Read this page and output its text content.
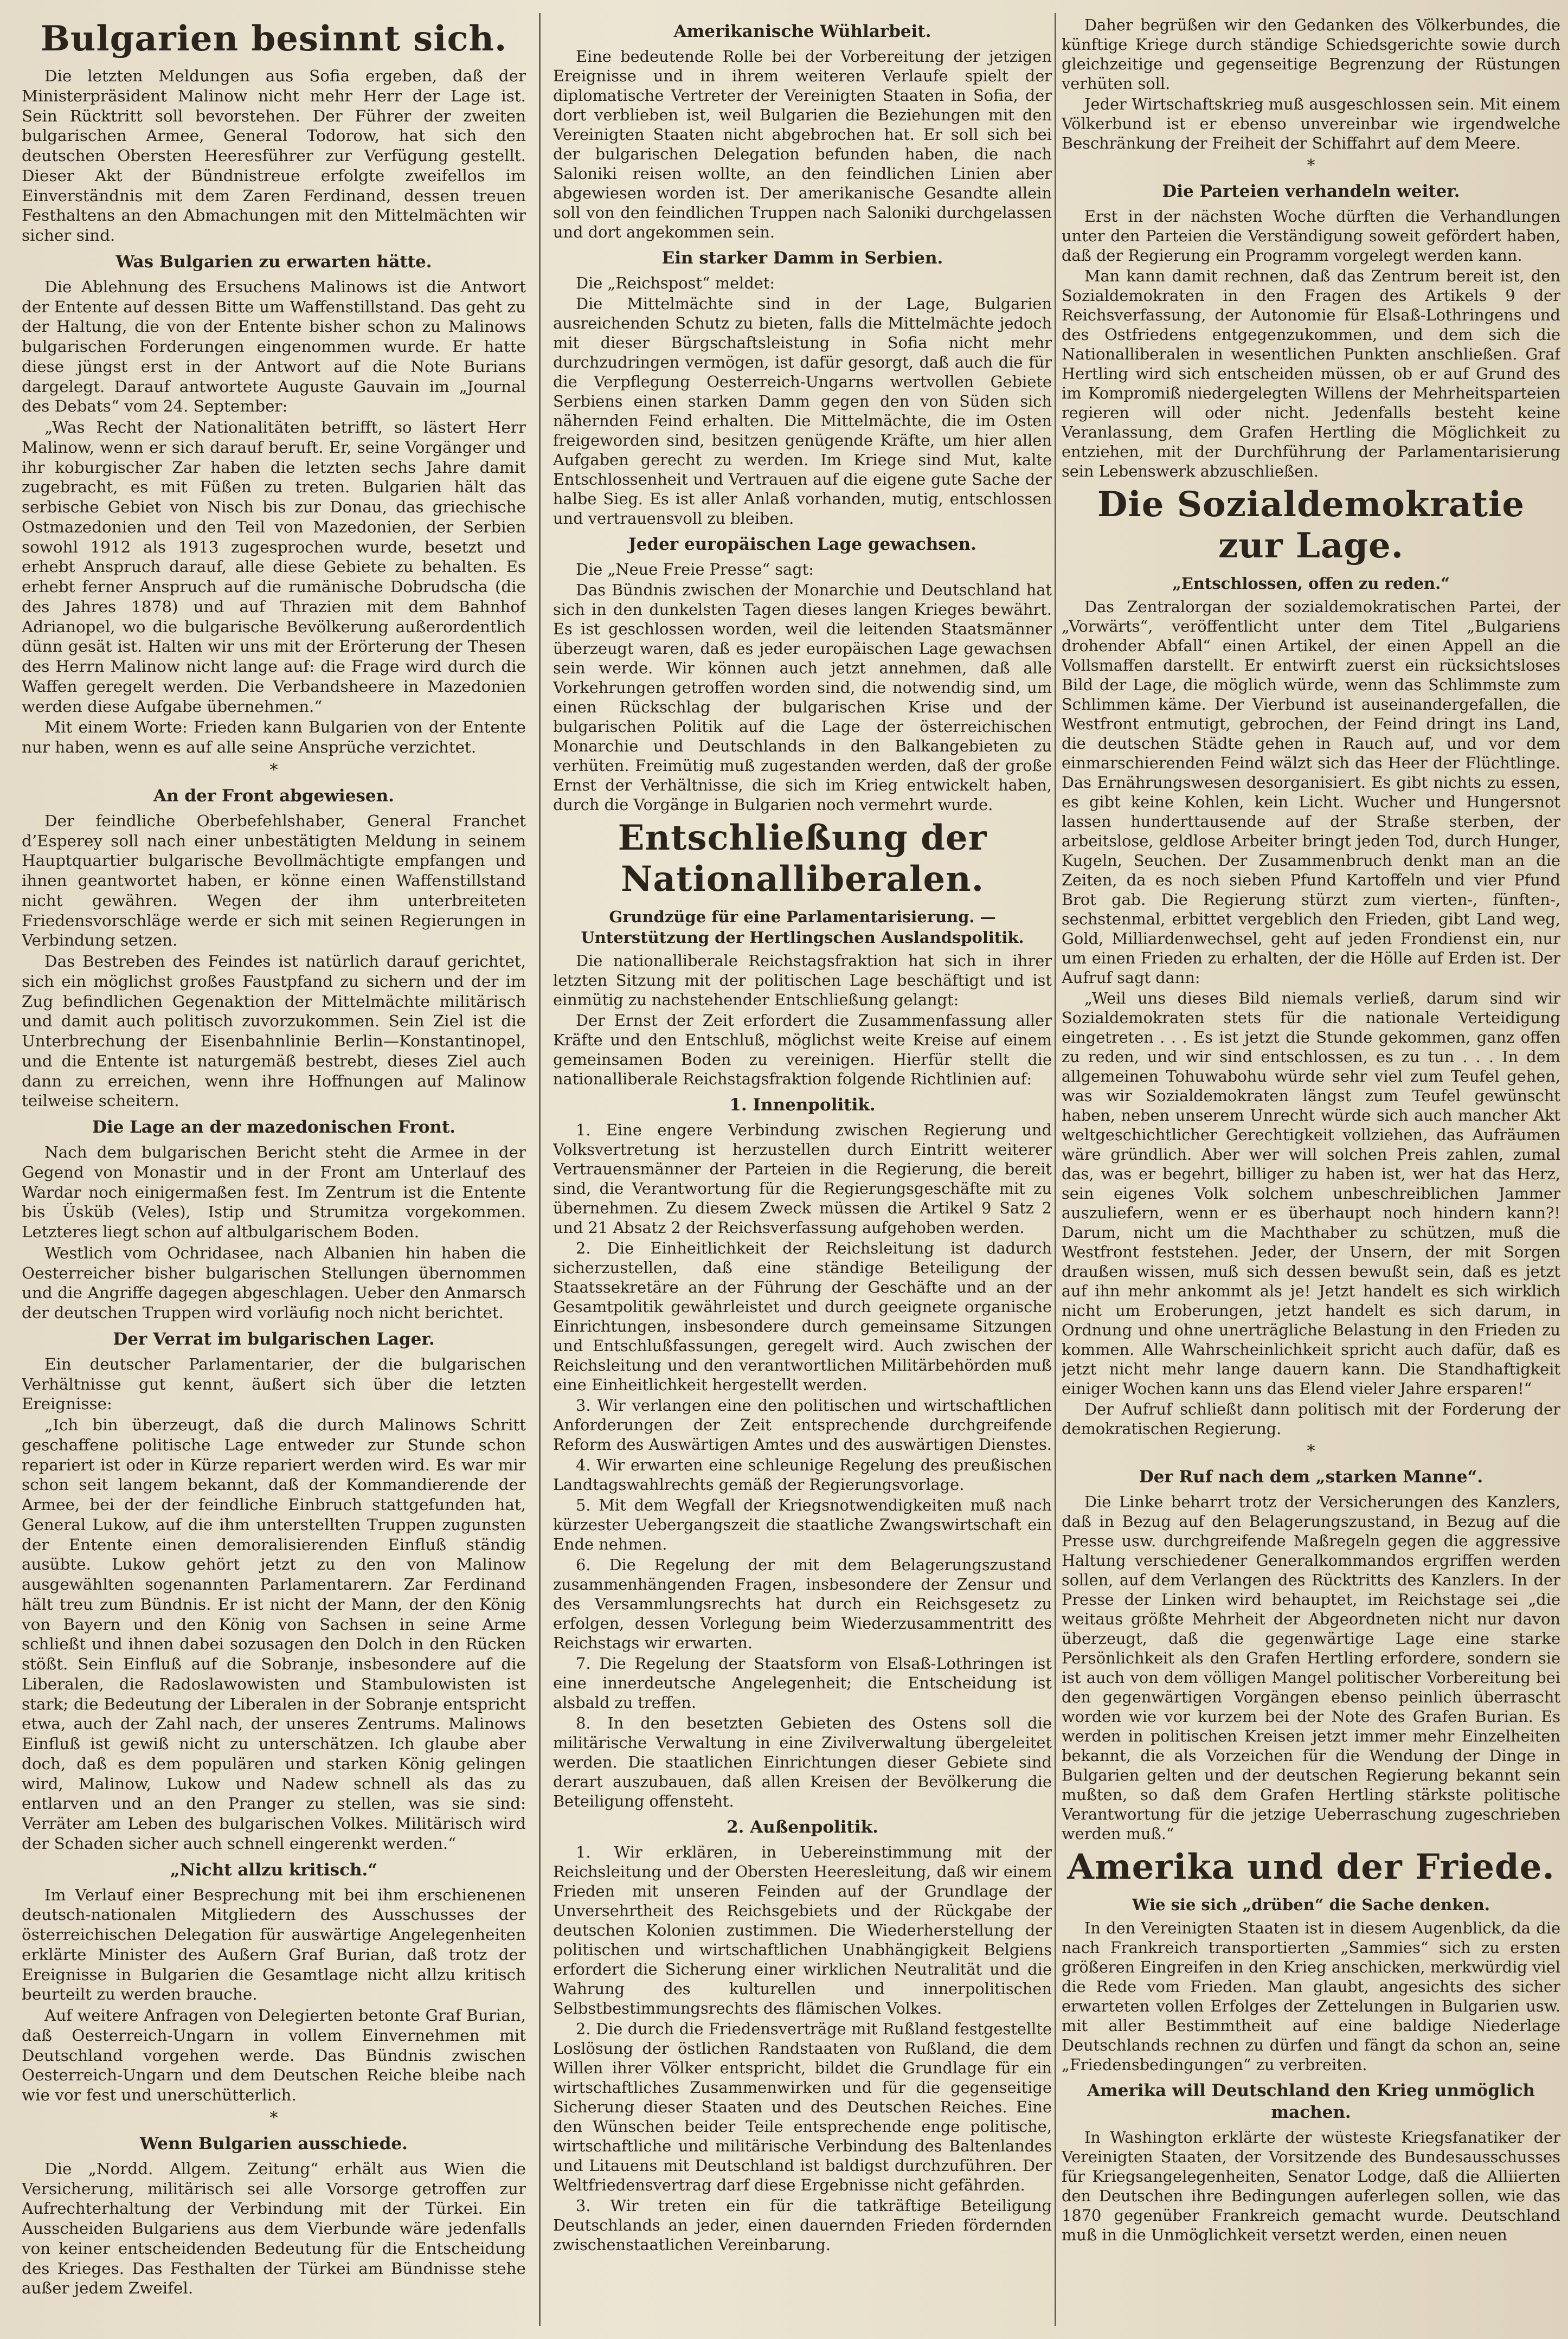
Bulgarien besinnt sich.

Die letzten Meldungen aus Sofia ergeben, daß der Ministerpräsident Malinow nicht mehr Herr der Lage ist. Sein Rücktritt soll bevorstehen. Der Führer der zweiten bulgarischen Armee, General Todorow, hat sich den deutschen Obersten Heeresführer zur Verfügung gestellt. Dieser Akt der Bündnistreue erfolgte zweifellos im Einverständnis mit dem Zaren Ferdinand, dessen treuen Festhaltens an den Abmachungen mit den Mittelmächten wir sicher sind.

Was Bulgarien zu erwarten hätte.

Die Ablehnung des Ersuchens Malinows ist die Antwort der Entente auf dessen Bitte um Waffenstillstand. Das geht zu der Haltung, die von der Entente bisher schon zu Malinows bulgarischen Forderungen eingenommen wurde. Er hatte diese jüngst erst in der Antwort auf die Note Burians dargelegt. Darauf antwortete Auguste Gauvain im „Journal des Debats“ vom 24. September:

„Was Recht der Nationalitäten betrifft, so lästert Herr Malinow, wenn er sich darauf beruft. Er, seine Vorgänger und ihr koburgischer Zar haben die letzten sechs Jahre damit zugebracht, es mit Füßen zu treten. Bulgarien hält das serbische Gebiet von Nisch bis zur Donau, das griechische Ostmazedonien und den Teil von Mazedonien, der Serbien sowohl 1912 als 1913 zugesprochen wurde, besetzt und erhebt Anspruch darauf, alle diese Gebiete zu behalten. Es erhebt ferner Anspruch auf die rumänische Dobrudscha (die des Jahres 1878) und auf Thrazien mit dem Bahnhof Adrianopel, wo die bulgarische Bevölkerung außerordentlich dünn gesät ist. Halten wir uns mit der Erörterung der Thesen des Herrn Malinow nicht lange auf: die Frage wird durch die Waffen geregelt werden. Die Verbandsheere in Mazedonien werden diese Aufgabe übernehmen.“

Mit einem Worte: Frieden kann Bulgarien von der Entente nur haben, wenn es auf alle seine Ansprüche verzichtet.

*
An der Front abgewiesen.

Der feindliche Oberbefehlshaber, General Franchet d’Esperey soll nach einer unbestätigten Meldung in seinem Hauptquartier bulgarische Bevollmächtigte empfangen und ihnen geantwortet haben, er könne einen Waffenstillstand nicht gewähren. Wegen der ihm unterbreiteten Friedensvorschläge werde er sich mit seinen Regierungen in Verbindung setzen.

Das Bestreben des Feindes ist natürlich darauf gerichtet, sich ein möglichst großes Faustpfand zu sichern und der im Zug befindlichen Gegenaktion der Mittelmächte militärisch und damit auch politisch zuvorzukommen. Sein Ziel ist die Unterbrechung der Eisenbahnlinie Berlin—Konstantinopel, und die Entente ist naturgemäß bestrebt, dieses Ziel auch dann zu erreichen, wenn ihre Hoffnungen auf Malinow teilweise scheitern.

Die Lage an der mazedonischen Front.

Nach dem bulgarischen Bericht steht die Armee in der Gegend von Monastir und in der Front am Unterlauf des Wardar noch einigermaßen fest. Im Zentrum ist die Entente bis Üsküb (Veles), Istip und Strumitza vorgekommen. Letzteres liegt schon auf altbulgarischem Boden.

Westlich vom Ochridasee, nach Albanien hin haben die Oesterreicher bisher bulgarischen Stellungen übernommen und die Angriffe dagegen abgeschlagen. Ueber den Anmarsch der deutschen Truppen wird vorläufig noch nicht berichtet.

Der Verrat im bulgarischen Lager.

Ein deutscher Parlamentarier, der die bulgarischen Verhältnisse gut kennt, äußert sich über die letzten Ereignisse:

„Ich bin überzeugt, daß die durch Malinows Schritt geschaffene politische Lage entweder zur Stunde schon repariert ist oder in Kürze repariert werden wird. Es war mir schon seit langem bekannt, daß der Kommandierende der Armee, bei der der feindliche Einbruch stattgefunden hat, General Lukow, auf die ihm unterstellten Truppen zugunsten der Entente einen demoralisierenden Einfluß ständig ausübte. Lukow gehört jetzt zu den von Malinow ausgewählten sogenannten Parlamentarern. Zar Ferdinand hält treu zum Bündnis. Er ist nicht der Mann, der den König von Bayern und den König von Sachsen in seine Arme schließt und ihnen dabei sozusagen den Dolch in den Rücken stößt. Sein Einfluß auf die Sobranje, insbesondere auf die Liberalen, die Radoslawowisten und Stambulowisten ist stark; die Bedeutung der Liberalen in der Sobranje entspricht etwa, auch der Zahl nach, der unseres Zentrums. Malinows Einfluß ist gewiß nicht zu unterschätzen. Ich glaube aber doch, daß es dem populären und starken König gelingen wird, Malinow, Lukow und Nadew schnell als das zu entlarven und an den Pranger zu stellen, was sie sind: Verräter am Leben des bulgarischen Volkes. Militärisch wird der Schaden sicher auch schnell eingerenkt werden.“

„Nicht allzu kritisch.“

Im Verlauf einer Besprechung mit bei ihm erschienenen deutsch-nationalen Mitgliedern des Ausschusses der österreichischen Delegation für auswärtige Angelegenheiten erklärte Minister des Außern Graf Burian, daß trotz der Ereignisse in Bulgarien die Gesamtlage nicht allzu kritisch beurteilt zu werden brauche.

Auf weitere Anfragen von Delegierten betonte Graf Burian, daß Oesterreich-Ungarn in vollem Einvernehmen mit Deutschland vorgehen werde. Das Bündnis zwischen Oesterreich-Ungarn und dem Deutschen Reiche bleibe nach wie vor fest und unerschütterlich.

*
Wenn Bulgarien ausschiede.

Die „Nordd. Allgem. Zeitung“ erhält aus Wien die Versicherung, militärisch sei alle Vorsorge getroffen zur Aufrechterhaltung der Verbindung mit der Türkei. Ein Ausscheiden Bulgariens aus dem Vierbunde wäre jedenfalls von keiner entscheidenden Bedeutung für die Entscheidung des Krieges. Das Festhalten der Türkei am Bündnisse stehe außer jedem Zweifel.

Amerikanische Wühlarbeit.

Eine bedeutende Rolle bei der Vorbereitung der jetzigen Ereignisse und in ihrem weiteren Verlaufe spielt der diplomatische Vertreter der Vereinigten Staaten in Sofia, der dort verblieben ist, weil Bulgarien die Beziehungen mit den Vereinigten Staaten nicht abgebrochen hat. Er soll sich bei der bulgarischen Delegation befunden haben, die nach Saloniki reisen wollte, an den feindlichen Linien aber abgewiesen worden ist. Der amerikanische Gesandte allein soll von den feindlichen Truppen nach Saloniki durchgelassen und dort angekommen sein.

Ein starker Damm in Serbien.

Die „Reichspost“ meldet:

Die Mittelmächte sind in der Lage, Bulgarien ausreichenden Schutz zu bieten, falls die Mittelmächte jedoch mit dieser Bürgschaftsleistung in Sofia nicht mehr durchzudringen vermögen, ist dafür gesorgt, daß auch die für die Verpflegung Oesterreich-Ungarns wertvollen Gebiete Serbiens einen starken Damm gegen den von Süden sich nähernden Feind erhalten. Die Mittelmächte, die im Osten freigeworden sind, besitzen genügende Kräfte, um hier allen Aufgaben gerecht zu werden. Im Kriege sind Mut, kalte Entschlossenheit und Vertrauen auf die eigene gute Sache der halbe Sieg. Es ist aller Anlaß vorhanden, mutig, entschlossen und vertrauensvoll zu bleiben.

Jeder europäischen Lage gewachsen.

Die „Neue Freie Presse“ sagt:

Das Bündnis zwischen der Monarchie und Deutschland hat sich in den dunkelsten Tagen dieses langen Krieges bewährt. Es ist geschlossen worden, weil die leitenden Staatsmänner überzeugt waren, daß es jeder europäischen Lage gewachsen sein werde. Wir können auch jetzt annehmen, daß alle Vorkehrungen getroffen worden sind, die notwendig sind, um einen Rückschlag der bulgarischen Krise und der bulgarischen Politik auf die Lage der österreichischen Monarchie und Deutschlands in den Balkangebieten zu verhüten. Freimütig muß zugestanden werden, daß der große Ernst der Verhältnisse, die sich im Krieg entwickelt haben, durch die Vorgänge in Bulgarien noch vermehrt wurde.

Entschließung der Nationalliberalen.
Grundzüge für eine Parlamentarisierung. — Unterstützung der Hertlingschen Auslandspolitik.

Die nationalliberale Reichstagsfraktion hat sich in ihrer letzten Sitzung mit der politischen Lage beschäftigt und ist einmütig zu nachstehender Entschließung gelangt:

Der Ernst der Zeit erfordert die Zusammenfassung aller Kräfte und den Entschluß, möglichst weite Kreise auf einem gemeinsamen Boden zu vereinigen. Hierfür stellt die nationalliberale Reichstagsfraktion folgende Richtlinien auf:

1. Innenpolitik.

1. Eine engere Verbindung zwischen Regierung und Volksvertretung ist herzustellen durch Eintritt weiterer Vertrauensmänner der Parteien in die Regierung, die bereit sind, die Verantwortung für die Regierungsgeschäfte mit zu übernehmen. Zu diesem Zweck müssen die Artikel 9 Satz 2 und 21 Absatz 2 der Reichsverfassung aufgehoben werden.

2. Die Einheitlichkeit der Reichsleitung ist dadurch sicherzustellen, daß eine ständige Beteiligung der Staatssekretäre an der Führung der Geschäfte und an der Gesamtpolitik gewährleistet und durch geeignete organische Einrichtungen, insbesondere durch gemeinsame Sitzungen und Entschlußfassungen, geregelt wird. Auch zwischen der Reichsleitung und den verantwortlichen Militärbehörden muß eine Einheitlichkeit hergestellt werden.

3. Wir verlangen eine den politischen und wirtschaftlichen Anforderungen der Zeit entsprechende durchgreifende Reform des Auswärtigen Amtes und des auswärtigen Dienstes.

4. Wir erwarten eine schleunige Regelung des preußischen Landtagswahlrechts gemäß der Regierungsvorlage.

5. Mit dem Wegfall der Kriegsnotwendigkeiten muß nach kürzester Uebergangszeit die staatliche Zwangswirtschaft ein Ende nehmen.

6. Die Regelung der mit dem Belagerungszustand zusammenhängenden Fragen, insbesondere der Zensur und des Versammlungsrechts hat durch ein Reichsgesetz zu erfolgen, dessen Vorlegung beim Wiederzusammentritt des Reichstags wir erwarten.

7. Die Regelung der Staatsform von Elsaß-Lothringen ist eine innerdeutsche Angelegenheit; die Entscheidung ist alsbald zu treffen.

8. In den besetzten Gebieten des Ostens soll die militärische Verwaltung in eine Zivilverwaltung übergeleitet werden. Die staatlichen Einrichtungen dieser Gebiete sind derart auszubauen, daß allen Kreisen der Bevölkerung die Beteiligung offensteht.

2. Außenpolitik.

1. Wir erklären, in Uebereinstimmung mit der Reichsleitung und der Obersten Heeresleitung, daß wir einem Frieden mit unseren Feinden auf der Grundlage der Unversehrtheit des Reichsgebiets und der Rückgabe der deutschen Kolonien zustimmen. Die Wiederherstellung der politischen und wirtschaftlichen Unabhängigkeit Belgiens erfordert die Sicherung einer wirklichen Neutralität und die Wahrung des kulturellen und innerpolitischen Selbstbestimmungsrechts des flämischen Volkes.

2. Die durch die Friedensverträge mit Rußland festgestellte Loslösung der östlichen Randstaaten von Rußland, die dem Willen ihrer Völker entspricht, bildet die Grundlage für ein wirtschaftliches Zusammenwirken und für die gegenseitige Sicherung dieser Staaten und des Deutschen Reiches. Eine den Wünschen beider Teile entsprechende enge politische, wirtschaftliche und militärische Verbindung des Baltenlandes und Litauens mit Deutschland ist baldigst durchzuführen. Der Weltfriedensvertrag darf diese Ergebnisse nicht gefährden.

3. Wir treten ein für die tatkräftige Beteiligung Deutschlands an jeder, einen dauernden Frieden fördernden zwischenstaatlichen Vereinbarung.

Daher begrüßen wir den Gedanken des Völkerbundes, die künftige Kriege durch ständige Schiedsgerichte sowie durch gleichzeitige und gegenseitige Begrenzung der Rüstungen verhüten soll.

Jeder Wirtschaftskrieg muß ausgeschlossen sein. Mit einem Völkerbund ist er ebenso unvereinbar wie irgendwelche Beschränkung der Freiheit der Schiffahrt auf dem Meere.

*
Die Parteien verhandeln weiter.

Erst in der nächsten Woche dürften die Verhandlungen unter den Parteien die Verständigung soweit gefördert haben, daß der Regierung ein Programm vorgelegt werden kann.

Man kann damit rechnen, daß das Zentrum bereit ist, den Sozialdemokraten in den Fragen des Artikels 9 der Reichsverfassung, der Autonomie für Elsaß-Lothringens und des Ostfriedens entgegenzukommen, und dem sich die Nationalliberalen in wesentlichen Punkten anschließen. Graf Hertling wird sich entscheiden müssen, ob er auf Grund des im Kompromiß niedergelegten Willens der Mehrheitsparteien regieren will oder nicht. Jedenfalls besteht keine Veranlassung, dem Grafen Hertling die Möglichkeit zu entziehen, mit der Durchführung der Parlamentarisierung sein Lebenswerk abzuschließen.

Die Sozialdemokratie zur Lage.
„Entschlossen, offen zu reden.“

Das Zentralorgan der sozialdemokratischen Partei, der „Vorwärts“, veröffentlicht unter dem Titel „Bulgariens drohender Abfall“ einen Artikel, der einen Appell an die Vollsmaffen darstellt. Er entwirft zuerst ein rücksichtsloses Bild der Lage, die möglich würde, wenn das Schlimmste zum Schlimmen käme. Der Vierbund ist auseinandergefallen, die Westfront entmutigt, gebrochen, der Feind dringt ins Land, die deutschen Städte gehen in Rauch auf, und vor dem einmarschierenden Feind wälzt sich das Heer der Flüchtlinge. Das Ernährungswesen desorganisiert. Es gibt nichts zu essen, es gibt keine Kohlen, kein Licht. Wucher und Hungersnot lassen hunderttausende auf der Straße sterben, der arbeitslose, geldlose Arbeiter bringt jeden Tod, durch Hunger, Kugeln, Seuchen. Der Zusammenbruch denkt man an die Zeiten, da es noch sieben Pfund Kartoffeln und vier Pfund Brot gab. Die Regierung stürzt zum vierten-, fünften-, sechstenmal, erbittet vergeblich den Frieden, gibt Land weg, Gold, Milliardenwechsel, geht auf jeden Frondienst ein, nur um einen Frieden zu erhalten, der die Hölle auf Erden ist. Der Aufruf sagt dann:

„Weil uns dieses Bild niemals verließ, darum sind wir Sozialdemokraten stets für die nationale Verteidigung eingetreten . . . Es ist jetzt die Stunde gekommen, ganz offen zu reden, und wir sind entschlossen, es zu tun . . . In dem allgemeinen Tohuwabohu würde sehr viel zum Teufel gehen, was wir Sozialdemokraten längst zum Teufel gewünscht haben, neben unserem Unrecht würde sich auch mancher Akt weltgeschichtlicher Gerechtigkeit vollziehen, das Aufräumen wäre gründlich. Aber wer will solchen Preis zahlen, zumal das, was er begehrt, billiger zu haben ist, wer hat das Herz, sein eigenes Volk solchem unbeschreiblichen Jammer auszuliefern, wenn er es überhaupt noch hindern kann?! Darum, nicht um die Machthaber zu schützen, muß die Westfront feststehen. Jeder, der Unsern, der mit Sorgen draußen wissen, muß sich dessen bewußt sein, daß es jetzt auf ihn mehr ankommt als je! Jetzt handelt es sich wirklich nicht um Eroberungen, jetzt handelt es sich darum, in Ordnung und ohne unerträgliche Belastung in den Frieden zu kommen. Alle Wahrscheinlichkeit spricht auch dafür, daß es jetzt nicht mehr lange dauern kann. Die Standhaftigkeit einiger Wochen kann uns das Elend vieler Jahre ersparen!“

Der Aufruf schließt dann politisch mit der Forderung der demokratischen Regierung.

*
Der Ruf nach dem „starken Manne“.

Die Linke beharrt trotz der Versicherungen des Kanzlers, daß in Bezug auf den Belagerungszustand, in Bezug auf die Presse usw. durchgreifende Maßregeln gegen die aggressive Haltung verschiedener Generalkommandos ergriffen werden sollen, auf dem Verlangen des Rücktritts des Kanzlers. In der Presse der Linken wird behauptet, im Reichstage sei „die weitaus größte Mehrheit der Abgeordneten nicht nur davon überzeugt, daß die gegenwärtige Lage eine starke Persönlichkeit als den Grafen Hertling erfordere, sondern sie ist auch von dem völligen Mangel politischer Vorbereitung bei den gegenwärtigen Vorgängen ebenso peinlich überrascht worden wie vor kurzem bei der Note des Grafen Burian. Es werden in politischen Kreisen jetzt immer mehr Einzelheiten bekannt, die als Vorzeichen für die Wendung der Dinge in Bulgarien gelten und der deutschen Regierung bekannt sein mußten, so daß dem Grafen Hertling stärkste politische Verantwortung für die jetzige Ueberraschung zugeschrieben werden muß.“

Amerika und der Friede.
Wie sie sich „drüben“ die Sache denken.

In den Vereinigten Staaten ist in diesem Augenblick, da die nach Frankreich transportierten „Sammies“ sich zu ersten größeren Eingreifen in den Krieg anschicken, merkwürdig viel die Rede vom Frieden. Man glaubt, angesichts des sicher erwarteten vollen Erfolges der Zettelungen in Bulgarien usw. mit aller Bestimmtheit auf eine baldige Niederlage Deutschlands rechnen zu dürfen und fängt da schon an, seine „Friedensbedingungen“ zu verbreiten.

Amerika will Deutschland den Krieg unmöglich machen.

In Washington erklärte der wüsteste Kriegsfanatiker der Vereinigten Staaten, der Vorsitzende des Bundesausschusses für Kriegsangelegenheiten, Senator Lodge, daß die Alliierten den Deutschen ihre Bedingungen auferlegen sollen, wie das 1870 gegenüber Frankreich gemacht wurde. Deutschland muß in die Unmöglichkeit versetzt werden, einen neuen
